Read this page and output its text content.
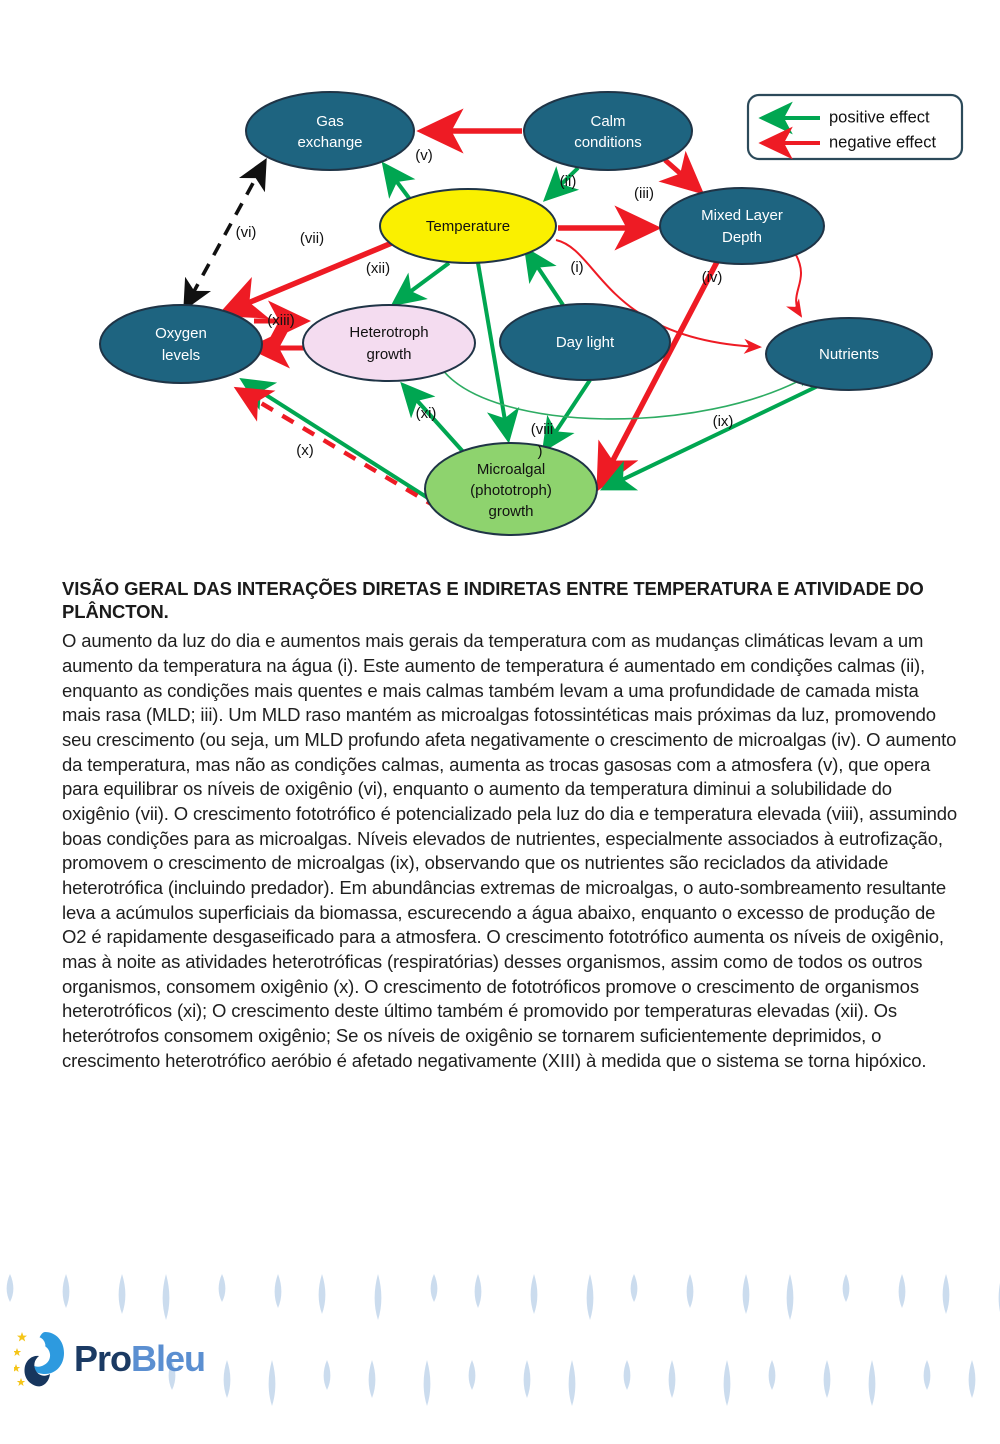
Gas
exchange
Calm
conditions
Temperature
Mixed Layer
Depth
Oxygen
levels
Heterotroph
growth
Day light
Nutrients
Microalgal
(phototroph)
growth
(v)
(ii)
(iii)
(vi)	(vii)
(xii)	(i)
(iv)
(xiii)
(xi)
(viii
)
(ix)
(x)
positive effect
negative effect
VISÃO GERAL DAS INTERAÇÕES DIRETAS E INDIRETAS ENTRE TEMPERATURA E ATIVIDADE DO PLÂNCTON.
O aumento da luz do dia e aumentos mais gerais da temperatura com as mudanças climáticas levam a um aumento da temperatura na água (i). Este aumento de temperatura é aumentado em condições calmas (ii), enquanto as condições mais quentes e mais calmas também levam a uma profundidade de camada mista mais rasa (MLD; iii). Um MLD raso mantém as microalgas fotossintéticas mais próximas da luz, promovendo seu crescimento (ou seja, um MLD profundo afeta negativamente o crescimento de microalgas (iv). O aumento da temperatura, mas não as condições calmas, aumenta as trocas gasosas com a atmosfera (v), que opera para equilibrar os níveis de oxigênio (vi), enquanto o aumento da temperatura diminui a solubilidade do oxigênio (vii). O crescimento fototrófico é potencializado pela luz do dia e temperatura elevada (viii), assumindo boas condições para as microalgas. Níveis elevados de nutrientes, especialmente associados à eutrofização, promovem o crescimento de microalgas (ix), observando que os nutrientes são reciclados da atividade heterotrófica (incluindo predador). Em abundâncias extremas de microalgas, o auto-sombreamento resultante leva a acúmulos superficiais da biomassa, escurecendo a água abaixo, enquanto o excesso de produção de O2 é rapidamente desgaseificado para a atmosfera. O crescimento fototrófico aumenta os níveis de oxigênio, mas à noite as atividades heterotróficas (respiratórias) desses organismos, assim como de todos os outros organismos, consomem oxigênio (x). O crescimento de fototróficos promove o crescimento de organismos heterotróficos (xi); O crescimento deste último também é promovido por temperaturas elevadas (xii). Os heterótrofos consomem oxigênio; Se os níveis de oxigênio se tornarem suficientemente deprimidos, o crescimento heterotrófico aeróbio é afetado negativamente (XIII) à medida que o sistema se torna hipóxico.
ProBleu
